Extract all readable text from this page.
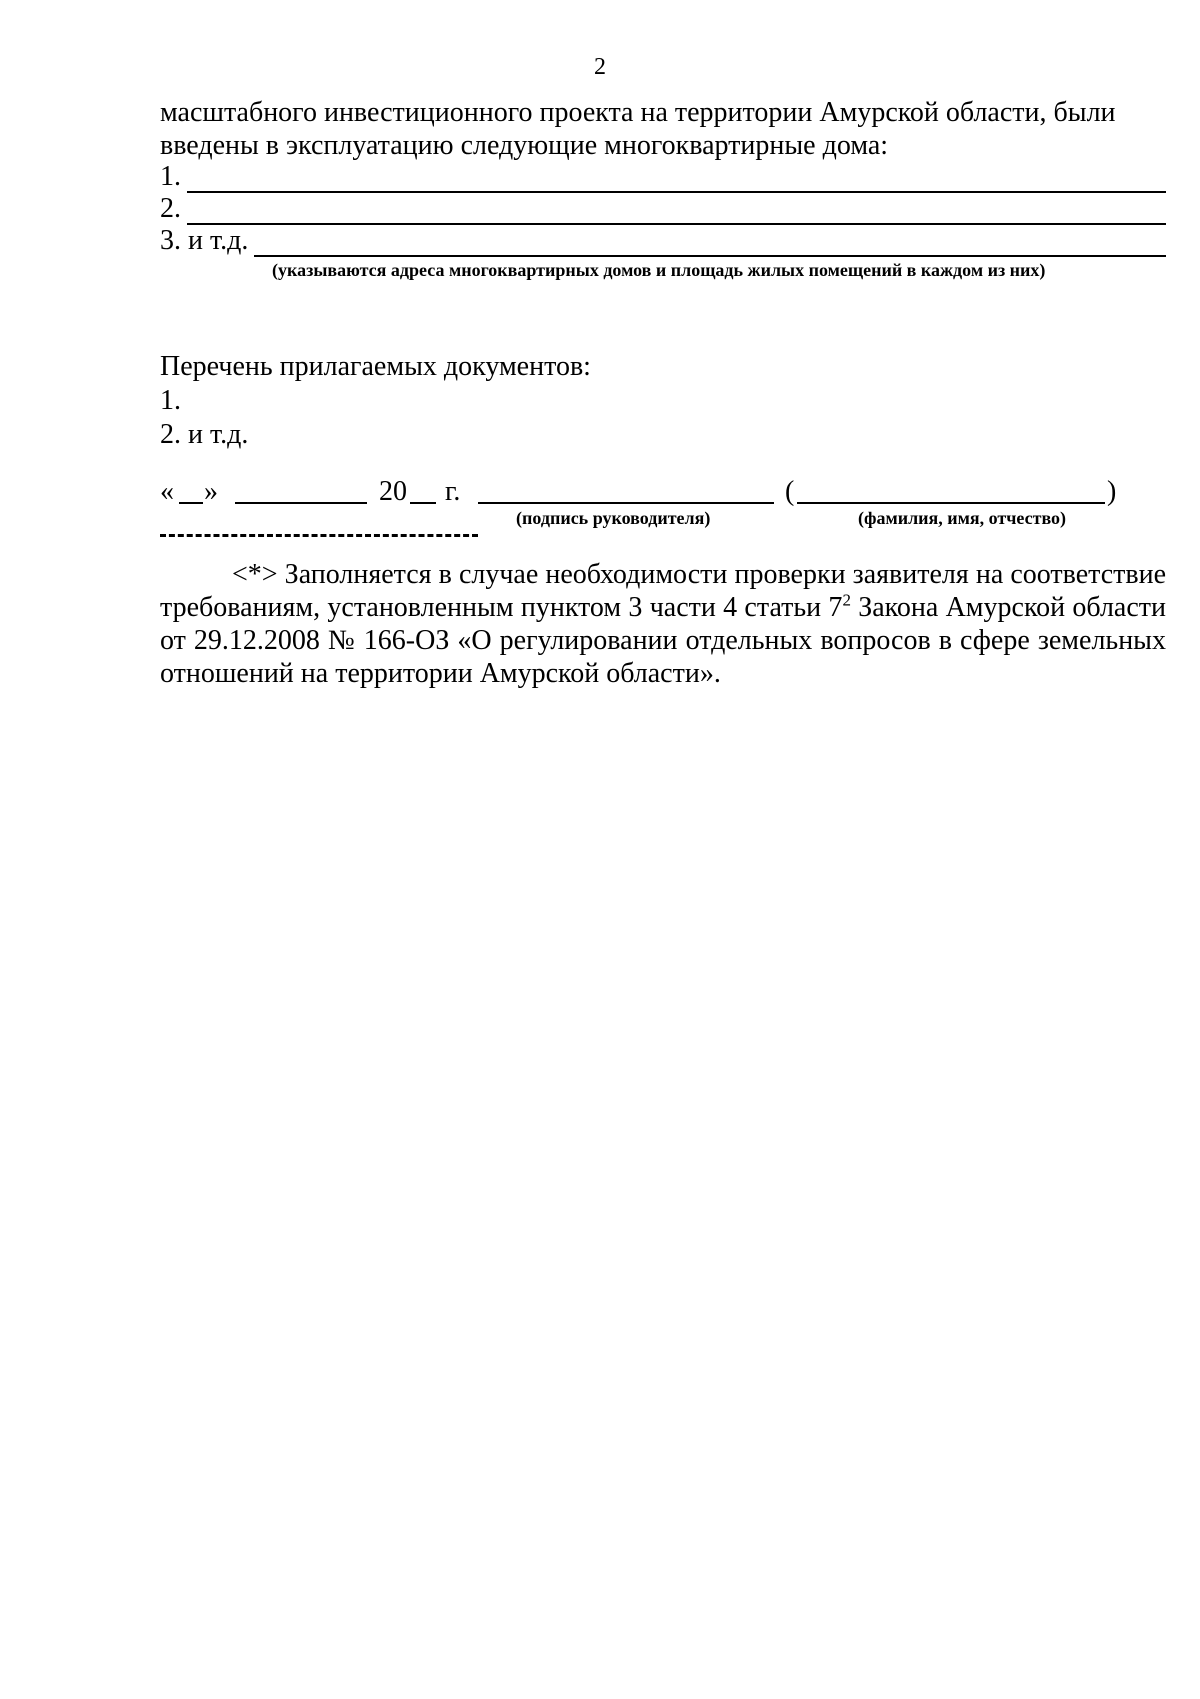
2
масштабного инвестиционного проекта на территории Амурской области, были
введены в эксплуатацию следующие многоквартирные дома:
1.
2.
3. и т.д.
(указываются адреса многоквартирных домов и площадь жилых помещений в каждом из них)
Перечень прилагаемых документов:
1.
2. и т.д.
« »	20 г.	(	)
(подпись руководителя)	(фамилия, имя, отчество)
<*> Заполняется в случае необходимости проверки заявителя на соответствие требованиям, установленным пунктом 3 части 4 статьи $7^2$ Закона Амурской области от 29.12.2008 № 166-ОЗ «О регулировании отдельных вопросов в сфере земельных отношений на территории Амурской области».
